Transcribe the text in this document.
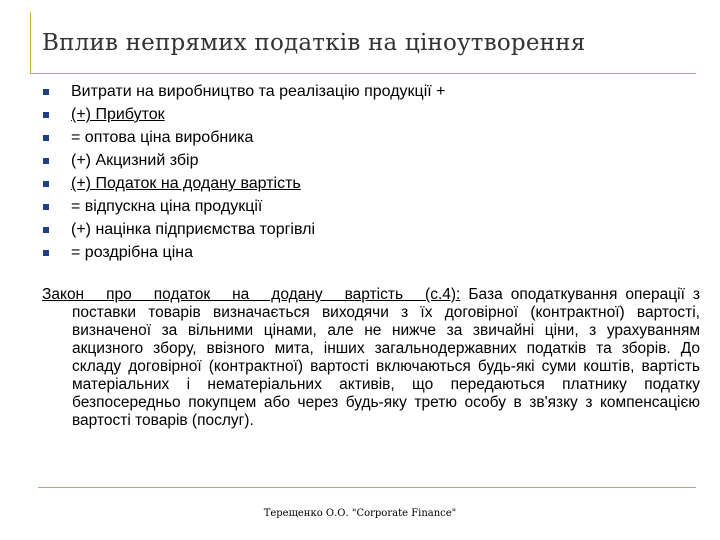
Вплив непрямих податків на ціноутворення
Витрати на виробництво та реалізацію продукції +
(+) Прибуток
= оптова ціна виробника
(+) Акцизний збір
(+) Податок на додану вартість
= відпускна ціна продукції
(+) націнка підприємства торгівлі
= роздрібна ціна

Закон про податок на додану вартість (с.4): База оподаткування операції з поставки товарів визначається виходячи з їх договірної (контрактної) вартості, визначеної за вільними цінами, але не нижче за звичайні ціни, з урахуванням акцизного збору, ввізного мита, інших загальнодержавних податків та зборів. До складу договірної (контрактної) вартості включаються будь-які суми коштів, вартість матеріальних і нематеріальних активів, що передаються платнику податку безпосередньо покупцем або через будь-яку третю особу в зв'язку з компенсацією вартості товарів (послуг).

Терещенко О.О. "Corporate Finance"
